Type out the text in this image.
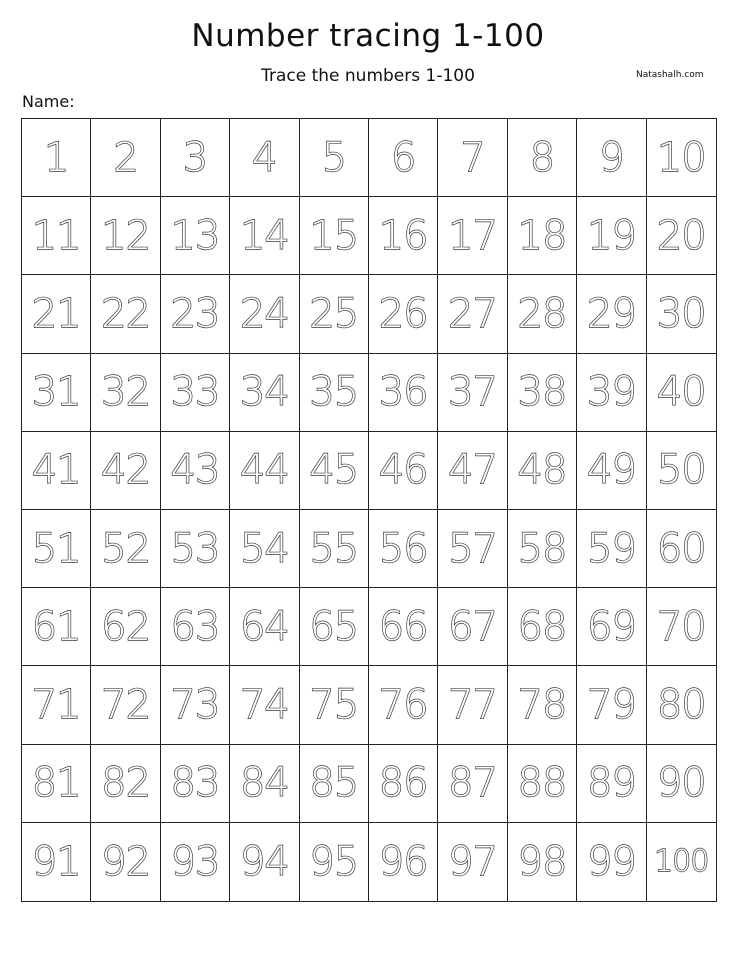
Number tracing 1-100

Trace the numbers 1-100	Natashalh.com
Name:
1 2 3 4 5 6 7 8 9 10
11 12 13 14 15 16 17 18 19 20
21 22 23 24 25 26 27 28 29 30
31 32 33 34 35 36 37 38 39 40
41 42 43 44 45 46 47 48 49 50
51 52 53 54 55 56 57 58 59 60
61 62 63 64 65 66 67 68 69 70
71 72 73 74 75 76 77 78 79 80
81 82 83 84 85 86 87 88 89 90
91 92 93 94 95 96 97 98 99 100
